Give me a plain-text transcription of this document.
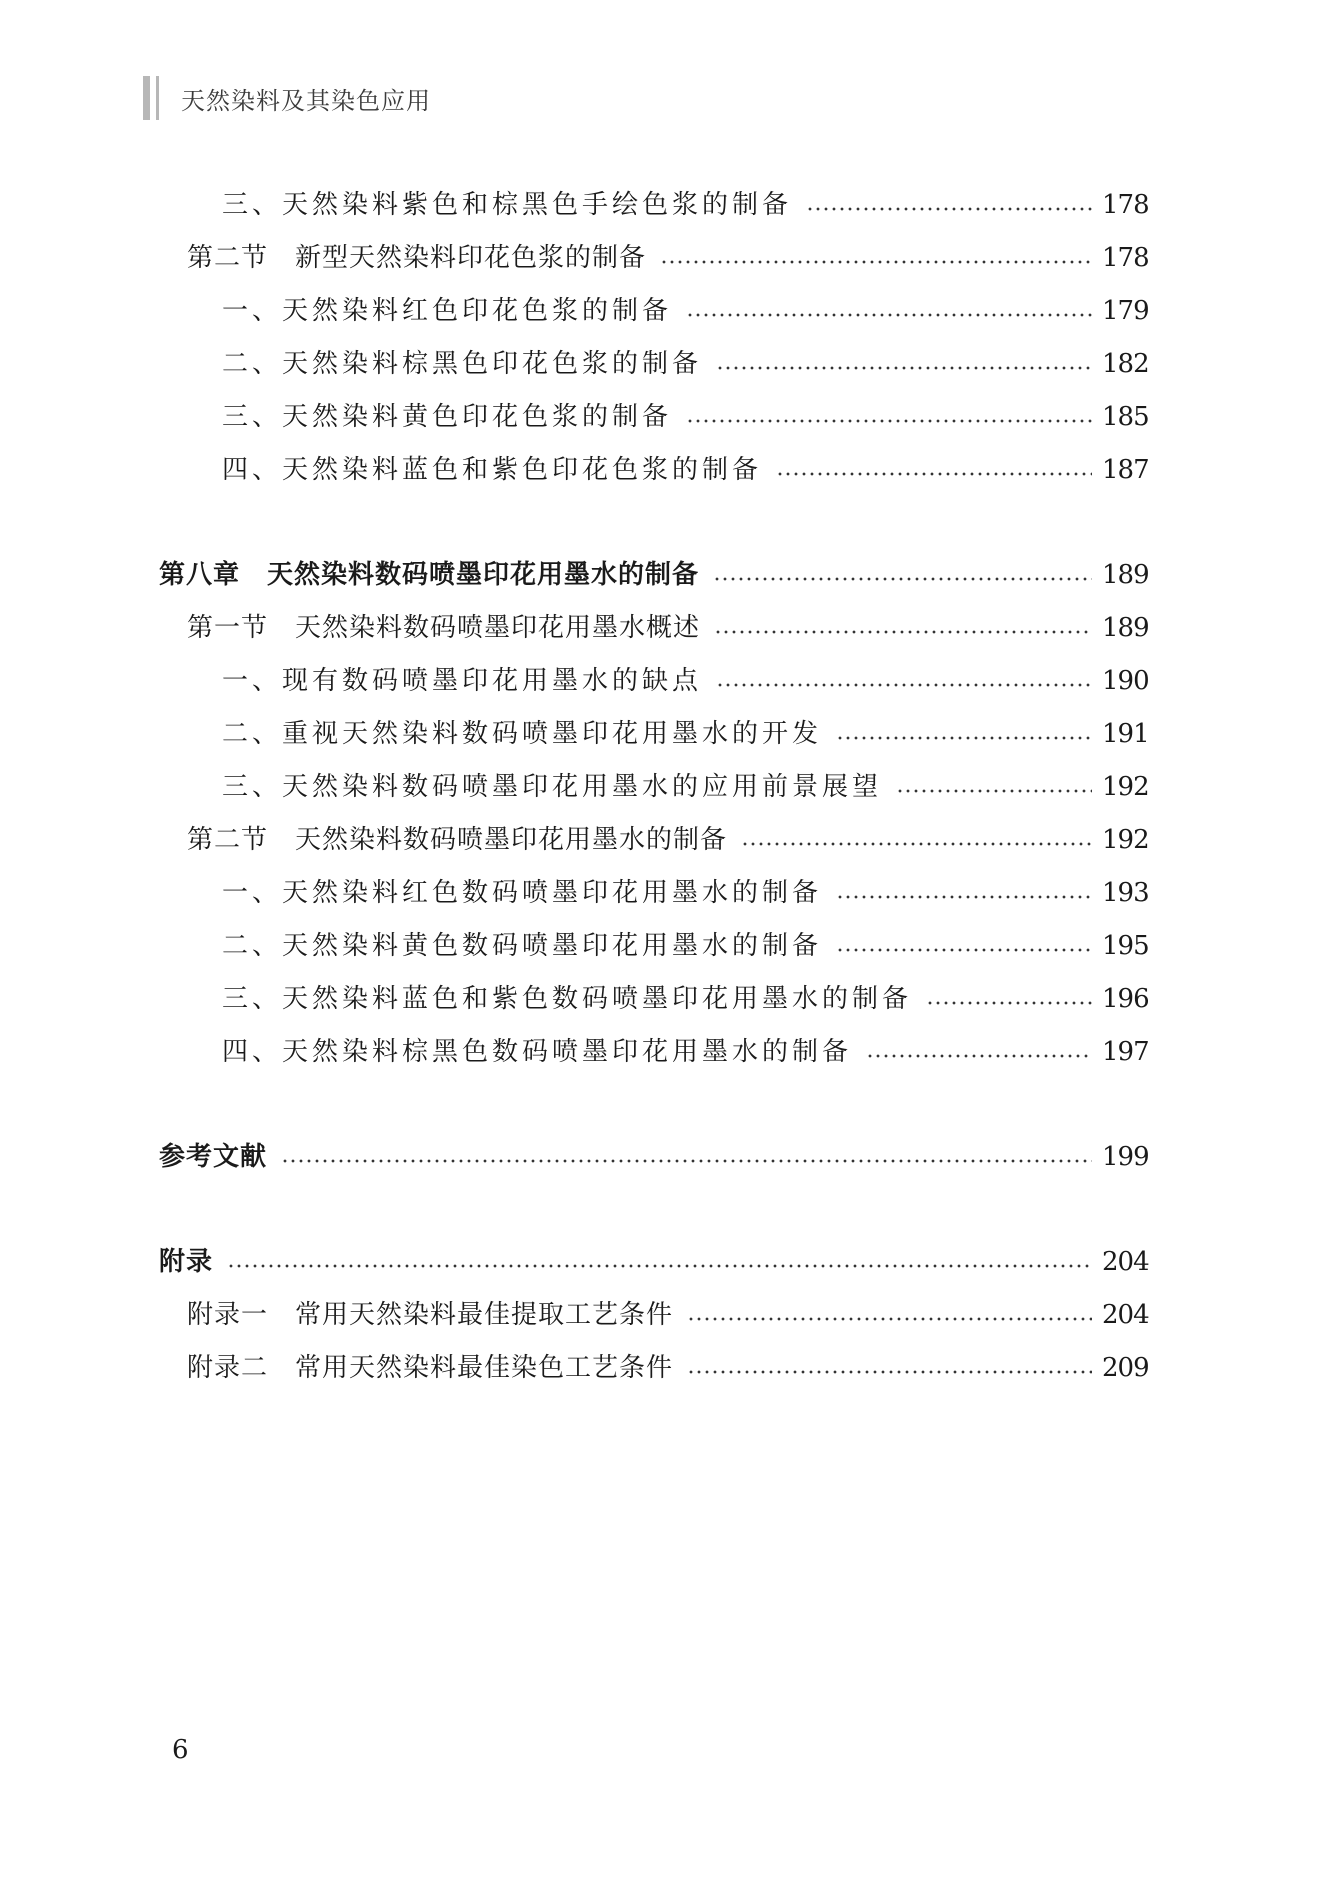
天然染料及其染色应用
三、天然染料紫色和棕黑色手绘色浆的制备	178
第二节　新型天然染料印花色浆的制备	178
一、天然染料红色印花色浆的制备	179
二、天然染料棕黑色印花色浆的制备	182
三、天然染料黄色印花色浆的制备	185
四、天然染料蓝色和紫色印花色浆的制备	187
第八章　天然染料数码喷墨印花用墨水的制备	189
第一节　天然染料数码喷墨印花用墨水概述	189
一、现有数码喷墨印花用墨水的缺点	190
二、重视天然染料数码喷墨印花用墨水的开发	191
三、天然染料数码喷墨印花用墨水的应用前景展望	192
第二节　天然染料数码喷墨印花用墨水的制备	192
一、天然染料红色数码喷墨印花用墨水的制备	193
二、天然染料黄色数码喷墨印花用墨水的制备	195
三、天然染料蓝色和紫色数码喷墨印花用墨水的制备	196
四、天然染料棕黑色数码喷墨印花用墨水的制备	197
参考文献	199
附录	204
附录一　常用天然染料最佳提取工艺条件	204
附录二　常用天然染料最佳染色工艺条件	209
6
